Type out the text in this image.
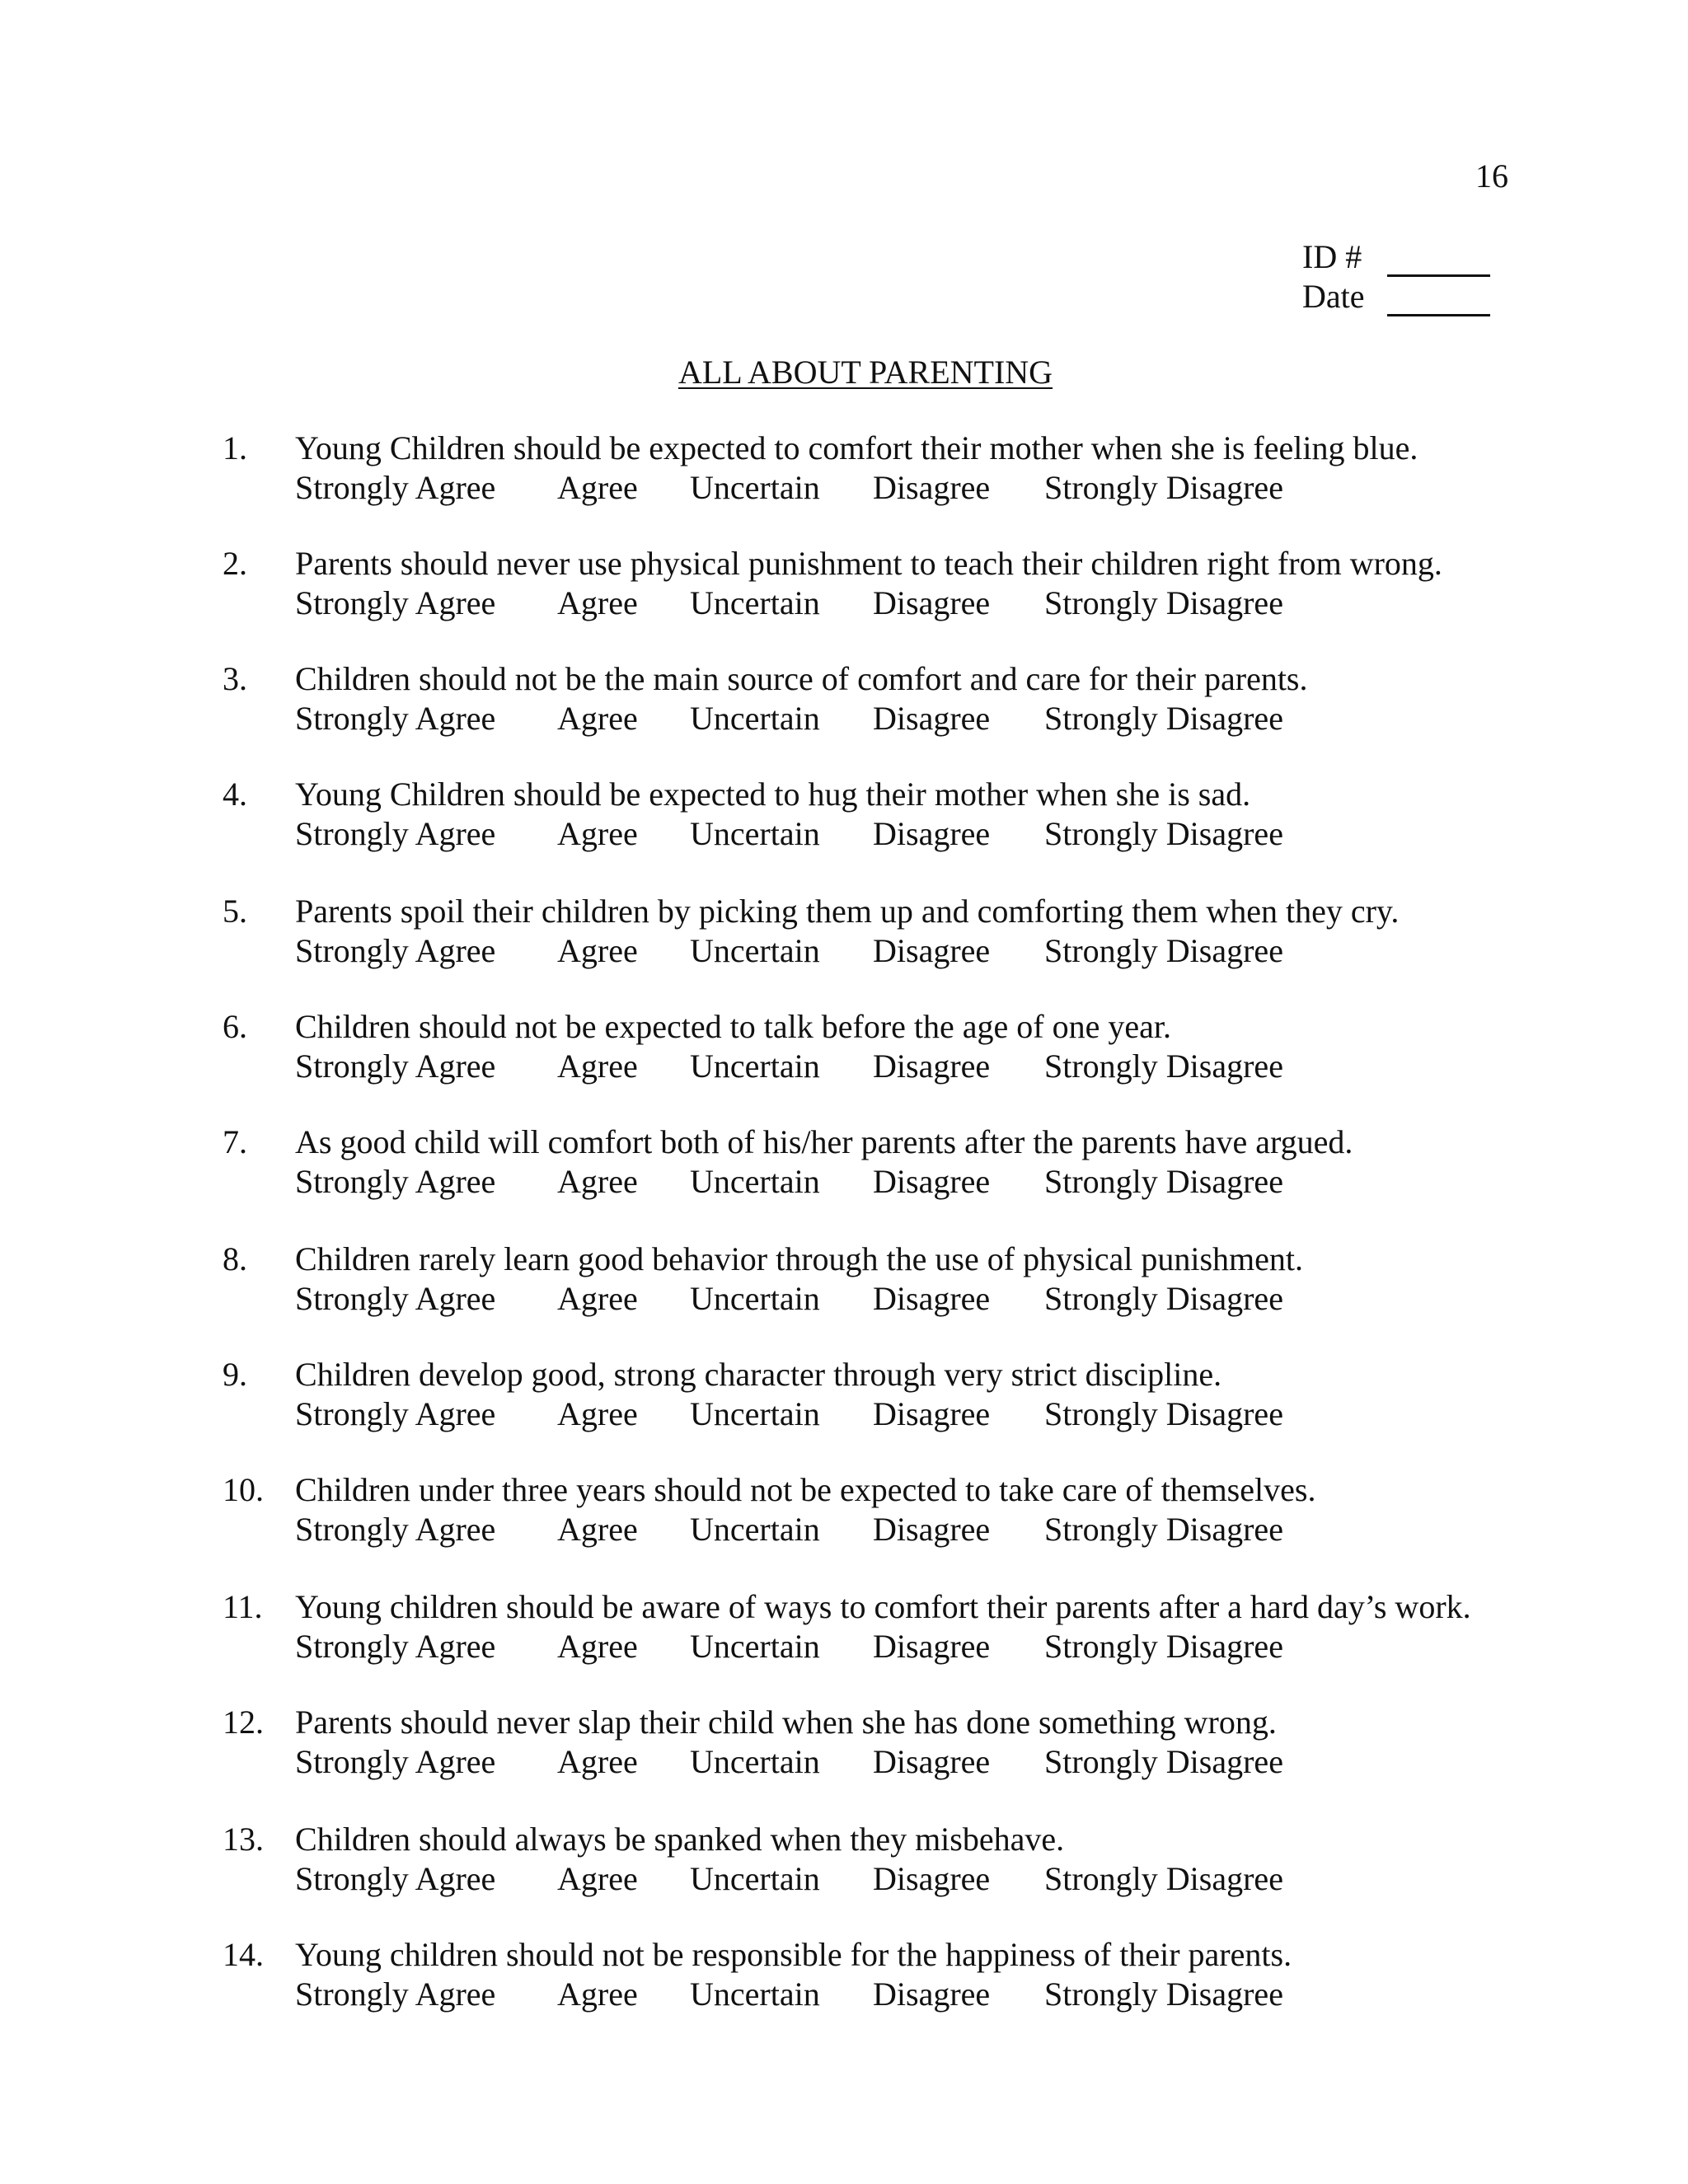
16
ID #
Date
ALL ABOUT PARENTING
1.	Young Children should be expected to comfort their mother when she is feeling blue.
Strongly Agree	Agree	Uncertain	Disagree	Strongly Disagree
2.	Parents should never use physical punishment to teach their children right from wrong.
Strongly Agree	Agree	Uncertain	Disagree	Strongly Disagree
3.	Children should not be the main source of comfort and care for their parents.
Strongly Agree	Agree	Uncertain	Disagree	Strongly Disagree
4.	Young Children should be expected to hug their mother when she is sad.
Strongly Agree	Agree	Uncertain	Disagree	Strongly Disagree
5.	Parents spoil their children by picking them up and comforting them when they cry.
Strongly Agree	Agree	Uncertain	Disagree	Strongly Disagree
6.	Children should not be expected to talk before the age of one year.
Strongly Agree	Agree	Uncertain	Disagree	Strongly Disagree
7.	As good child will comfort both of his/her parents after the parents have argued.
Strongly Agree	Agree	Uncertain	Disagree	Strongly Disagree
8.	Children rarely learn good behavior through the use of physical punishment.
Strongly Agree	Agree	Uncertain	Disagree	Strongly Disagree
9.	Children develop good, strong character through very strict discipline.
Strongly Agree	Agree	Uncertain	Disagree	Strongly Disagree
10. Children under three years should not be expected to take care of themselves.
Strongly Agree	Agree	Uncertain	Disagree	Strongly Disagree
11. Young children should be aware of ways to comfort their parents after a hard day’s work.
Strongly Agree	Agree	Uncertain	Disagree	Strongly Disagree
12. Parents should never slap their child when she has done something wrong.
Strongly Agree	Agree	Uncertain	Disagree	Strongly Disagree
13. Children should always be spanked when they misbehave.
Strongly Agree	Agree	Uncertain	Disagree	Strongly Disagree
14. Young children should not be responsible for the happiness of their parents.
Strongly Agree	Agree	Uncertain	Disagree	Strongly Disagree
